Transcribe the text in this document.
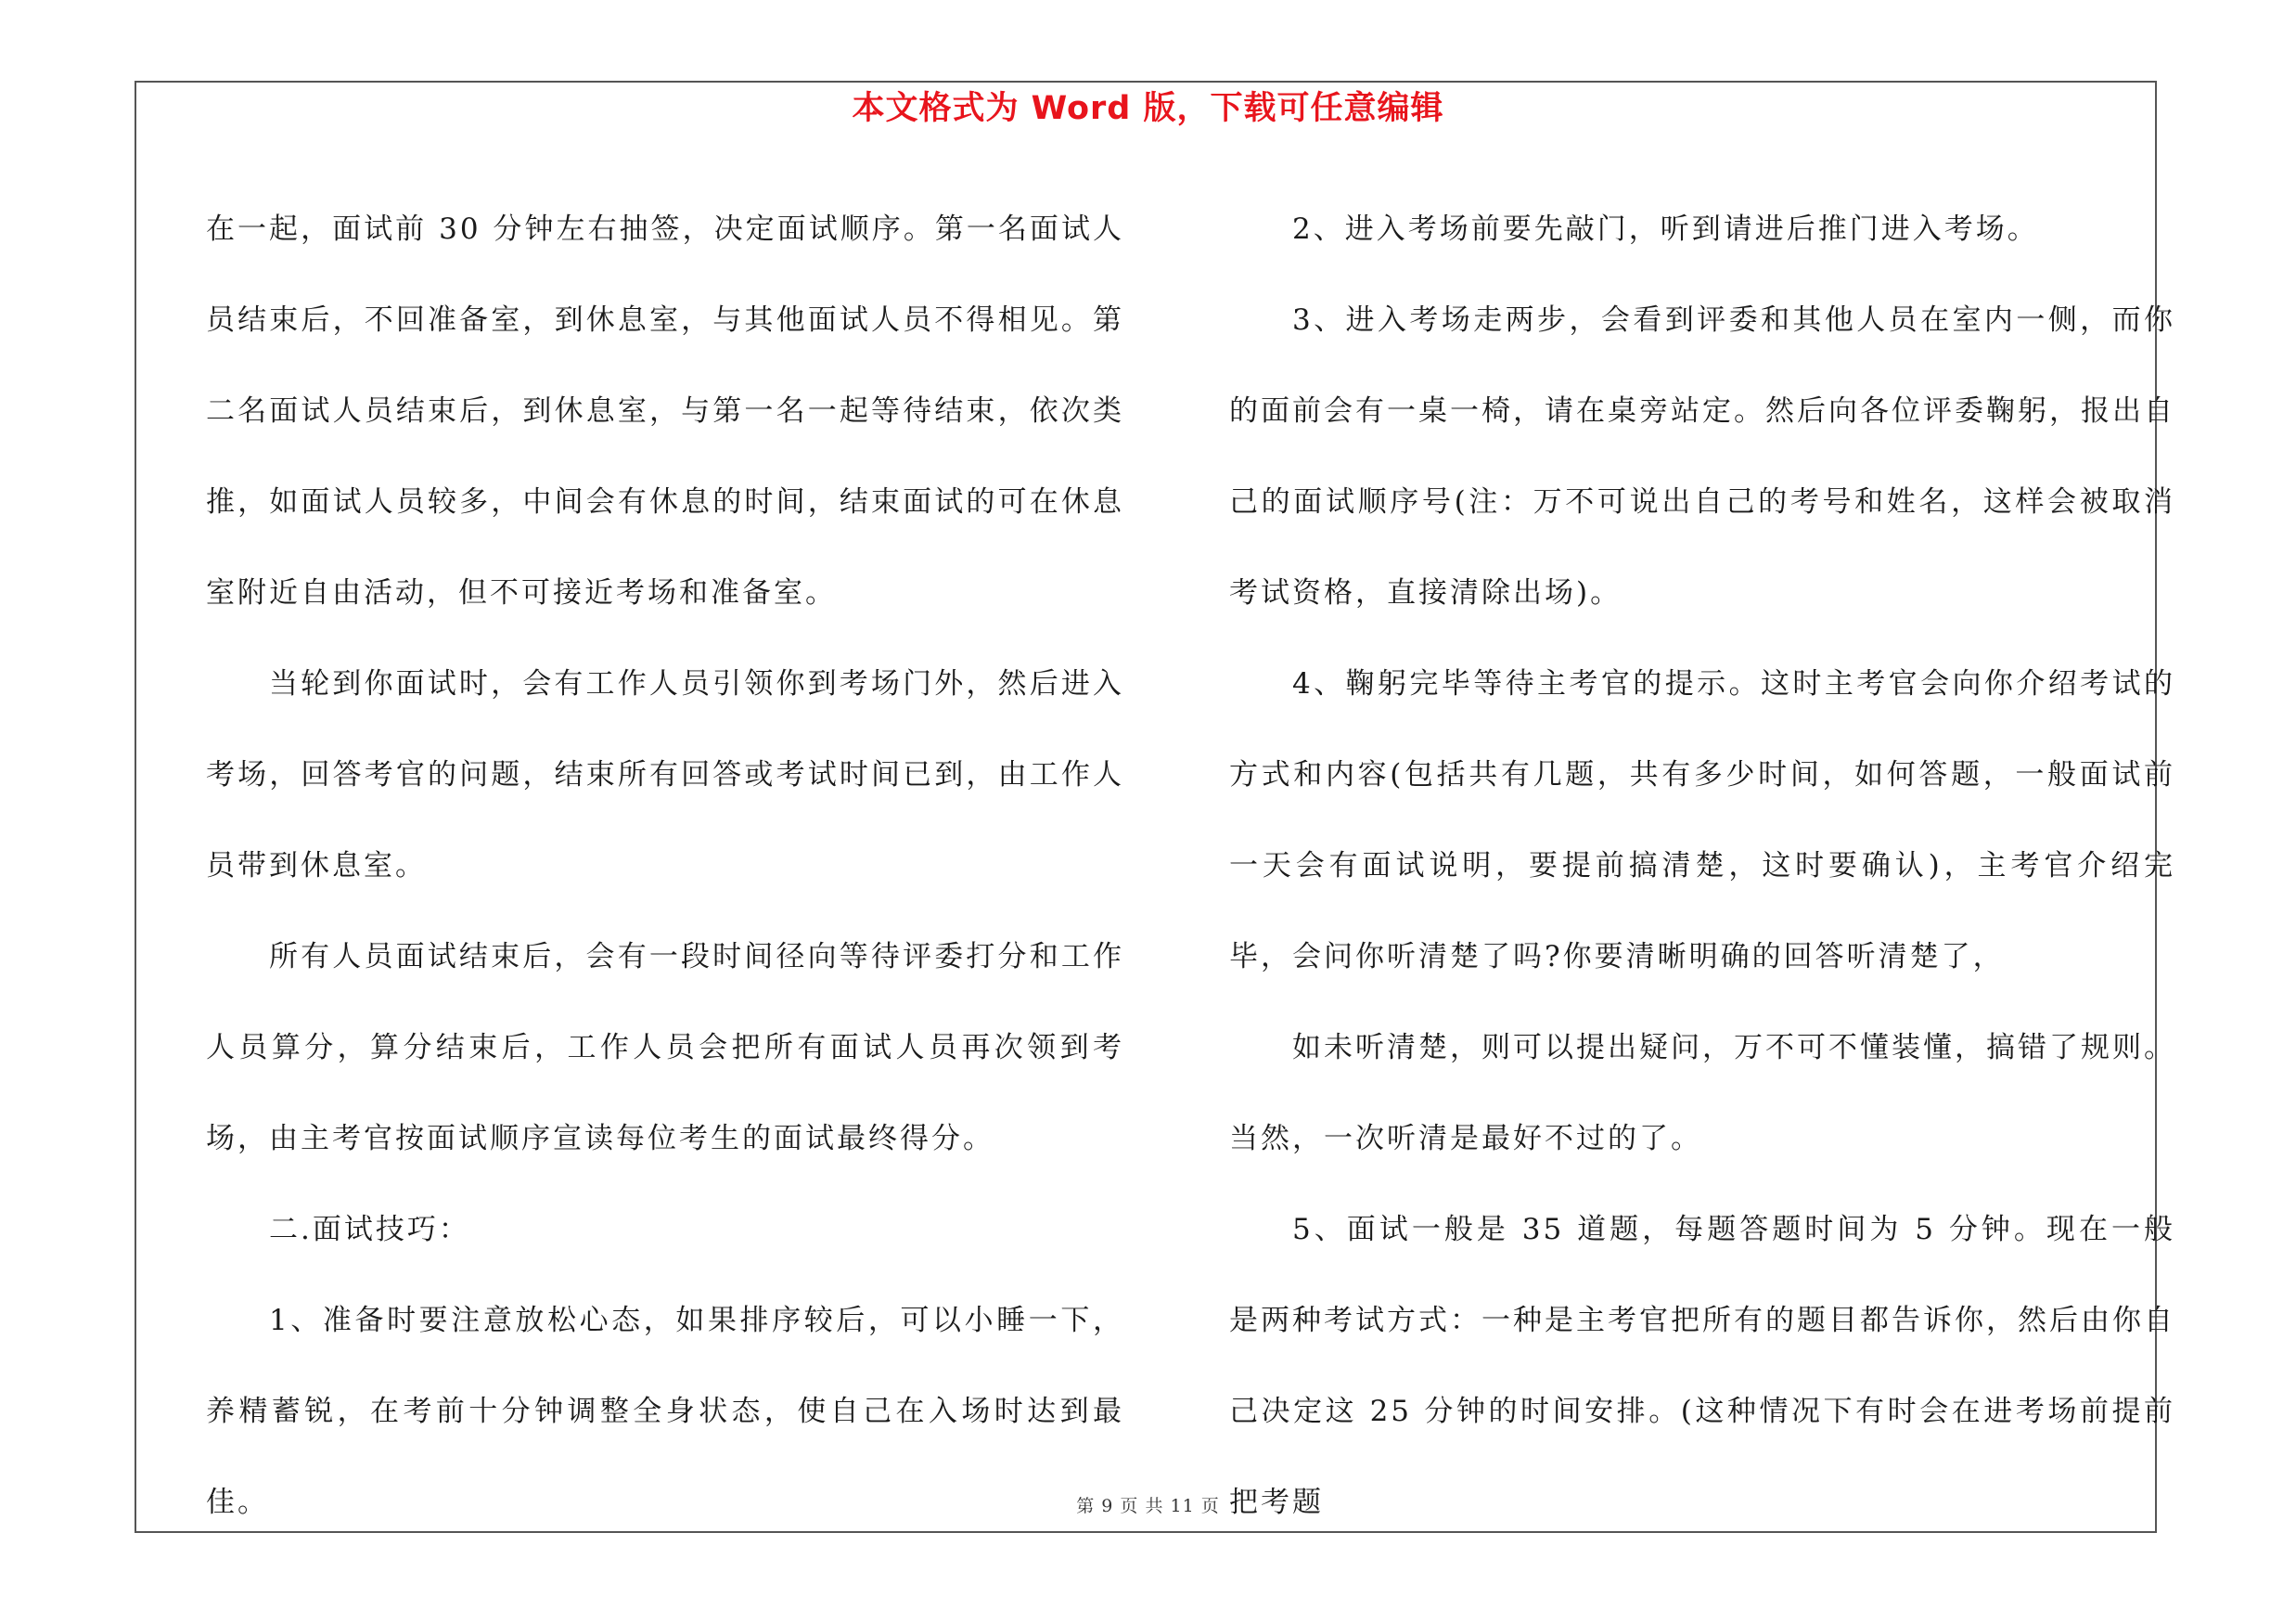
本文格式为 Word 版，下载可任意编辑

在一起，面试前 30 分钟左右抽签，决定面试顺序。第一名面试人员结束后，不回准备室，到休息室，与其他面试人员不得相见。第二名面试人员结束后，到休息室，与第一名一起等待结束，依次类推，如面试人员较多，中间会有休息的时间，结束面试的可在休息室附近自由活动，但不可接近考场和准备室。

当轮到你面试时，会有工作人员引领你到考场门外，然后进入考场，回答考官的问题，结束所有回答或考试时间已到，由工作人员带到休息室。

所有人员面试结束后，会有一段时间径向等待评委打分和工作人员算分，算分结束后，工作人员会把所有面试人员再次领到考场，由主考官按面试顺序宣读每位考生的面试最终得分。

二.面试技巧：

1、准备时要注意放松心态，如果排序较后，可以小睡一下，养精蓄锐，在考前十分钟调整全身状态，使自己在入场时达到最佳。

2、进入考场前要先敲门，听到请进后推门进入考场。

3、进入考场走两步，会看到评委和其他人员在室内一侧，而你的面前会有一桌一椅，请在桌旁站定。然后向各位评委鞠躬，报出自己的面试顺序号(注：万不可说出自己的考号和姓名，这样会被取消考试资格，直接清除出场)。

4、鞠躬完毕等待主考官的提示。这时主考官会向你介绍考试的方式和内容(包括共有几题，共有多少时间，如何答题，一般面试前一天会有面试说明，要提前搞清楚，这时要确认)，主考官介绍完毕，会问你听清楚了吗?你要清晰明确的回答听清楚了，

如未听清楚，则可以提出疑问，万不可不懂装懂，搞错了规则。当然，一次听清是最好不过的了。

5、面试一般是 35 道题，每题答题时间为 5 分钟。现在一般是两种考试方式：一种是主考官把所有的题目都告诉你，然后由你自己决定这 25 分钟的时间安排。(这种情况下有时会在进考场前提前把考题

第 9 页 共 11 页
